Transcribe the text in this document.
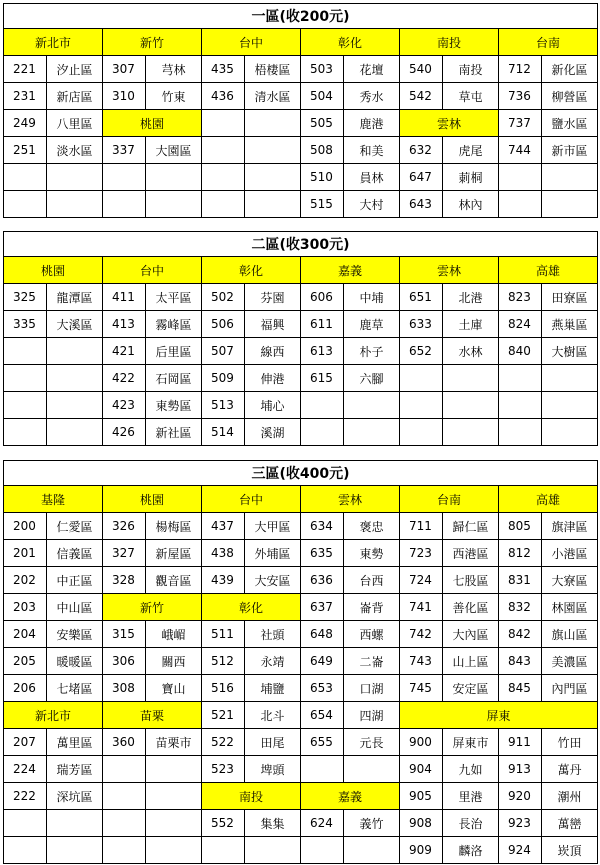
一區(收200元)											
新北市		新竹		台中		彰化		南投		台南	
221	汐止區	307	芎林	435	梧棲區	503	花壇	540	南投	712	新化區
231	新店區	310	竹東	436	清水區	504	秀水	542	草屯	736	柳營區
249	八里區	桃園				505	鹿港	雲林		737	鹽水區
251	淡水區	337	大園區			508	和美	632	虎尾	744	新市區
						510	員林	647	莿桐		
						515	大村	643	林內		
二區(收300元)											
桃園		台中		彰化		嘉義		雲林		高雄	
325	龍潭區	411	太平區	502	芬園	606	中埔	651	北港	823	田寮區
335	大溪區	413	霧峰區	506	福興	611	鹿草	633	土庫	824	燕巢區
		421	后里區	507	線西	613	朴子	652	水林	840	大樹區
		422	石岡區	509	伸港	615	六腳				
		423	東勢區	513	埔心						
		426	新社區	514	溪湖						
三區(收400元)											
基隆		桃園		台中		雲林		台南		高雄	
200	仁愛區	326	楊梅區	437	大甲區	634	褒忠	711	歸仁區	805	旗津區
201	信義區	327	新屋區	438	外埔區	635	東勢	723	西港區	812	小港區
202	中正區	328	觀音區	439	大安區	636	台西	724	七股區	831	大寮區
203	中山區	新竹		彰化		637	崙背	741	善化區	832	林園區
204	安樂區	315	峨嵋	511	社頭	648	西螺	742	大內區	842	旗山區
205	暖暖區	306	關西	512	永靖	649	二崙	743	山上區	843	美濃區
206	七堵區	308	寶山	516	埔鹽	653	口湖	745	安定區	845	內門區
新北市		苗栗		521	北斗	654	四湖	屏東			
207	萬里區	360	苗栗市	522	田尾	655	元長	900	屏東市	911	竹田
224	瑞芳區			523	埤頭			904	九如	913	萬丹
222	深坑區			南投		嘉義		905	里港	920	潮州
				552	集集	624	義竹	908	長治	923	萬巒
								909	麟洛	924	崁頂
